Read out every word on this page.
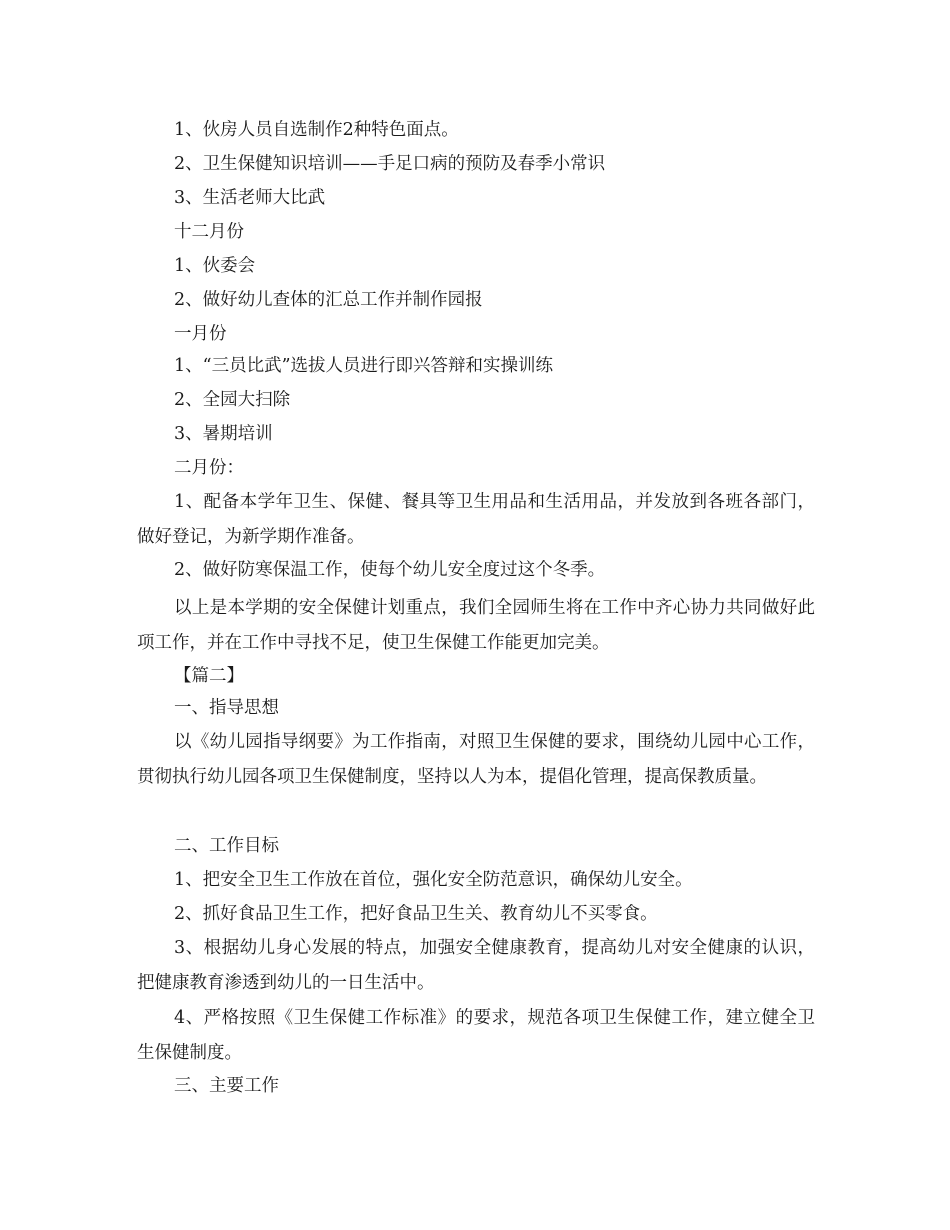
1、伙房人员自选制作2种特色面点。

2、卫生保健知识培训——手足口病的预防及春季小常识

3、生活老师大比武

十二月份

1、伙委会

2、做好幼儿查体的汇总工作并制作园报

一月份

1、“三员比武”选拔人员进行即兴答辩和实操训练

2、全园大扫除

3、暑期培训

二月份：

1、配备本学年卫生、保健、餐具等卫生用品和生活用品，并发放到各班各部门，做好登记，为新学期作准备。

2、做好防寒保温工作，使每个幼儿安全度过这个冬季。

以上是本学期的安全保健计划重点，我们全园师生将在工作中齐心协力共同做好此项工作，并在工作中寻找不足，使卫生保健工作能更加完美。

【篇二】

一、指导思想

以《幼儿园指导纲要》为工作指南，对照卫生保健的要求，围绕幼儿园中心工作，贯彻执行幼儿园各项卫生保健制度，坚持以人为本，提倡化管理，提高保教质量。

二、工作目标

1、把安全卫生工作放在首位，强化安全防范意识，确保幼儿安全。

2、抓好食品卫生工作，把好食品卫生关、教育幼儿不买零食。

3、根据幼儿身心发展的特点，加强安全健康教育，提高幼儿对安全健康的认识，把健康教育渗透到幼儿的一日生活中。

4、严格按照《卫生保健工作标准》的要求，规范各项卫生保健工作，建立健全卫生保健制度。

三、主要工作
